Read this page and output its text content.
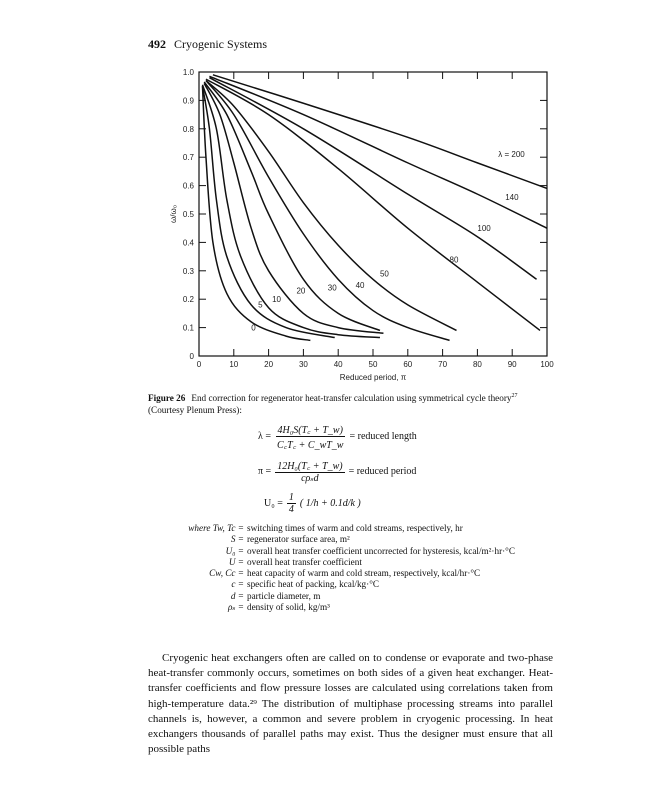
492 Cryogenic Systems
0	10	20	30	40	50	60	70	80	90	100
0
0.1
0.2
0.3
0.4
0.5
0.6
0.7
0.8
0.9
1.0
λ = 200
140
100
80
50
40
30
20
10
5
0
Reduced period, π
ω/ω₀
Figure 26 End correction for regenerator heat-transfer calculation using symmetrical cycle theory$^{27}$
(Courtesy Plenum Press):
$\lambda = \frac{\text{4H₀S(T꜀ + T\_w)}}{C꜀T꜀ + C\_wT\_w}$ = reduced length
$\pi = \frac{\text{12H₀(T꜀ + T\_w)}}{\text{cρₛd}}$ = reduced period
$U_0 = \frac{1}{4}$ ( 1/h + 0.1d/k )
where Tw, Tc = switching times of warm and cold streams, respectively, hr
S = regenerator surface area, m²
U₀ = overall heat transfer coefficient uncorrected for hysteresis, kcal/m²·hr·°C
U = overall heat transfer coefficient
Cw, Cc = heat capacity of warm and cold stream, respectively, kcal/hr·°C
c = specific heat of packing, kcal/kg·°C
d = particle diameter, m
ρₛ = density of solid, kg/m³

Cryogenic heat exchangers often are called on to condense or evaporate and two-phase heat-transfer commonly occurs, sometimes on both sides of a given heat exchanger. Heat-transfer coefficients and flow pressure losses are calculated using correlations taken from high-temperature data.²⁹ The distribution of multiphase processing streams into parallel channels is, however, a common and severe problem in cryogenic processing. In heat exchangers thousands of parallel paths may exist. Thus the designer must ensure that all possible paths
